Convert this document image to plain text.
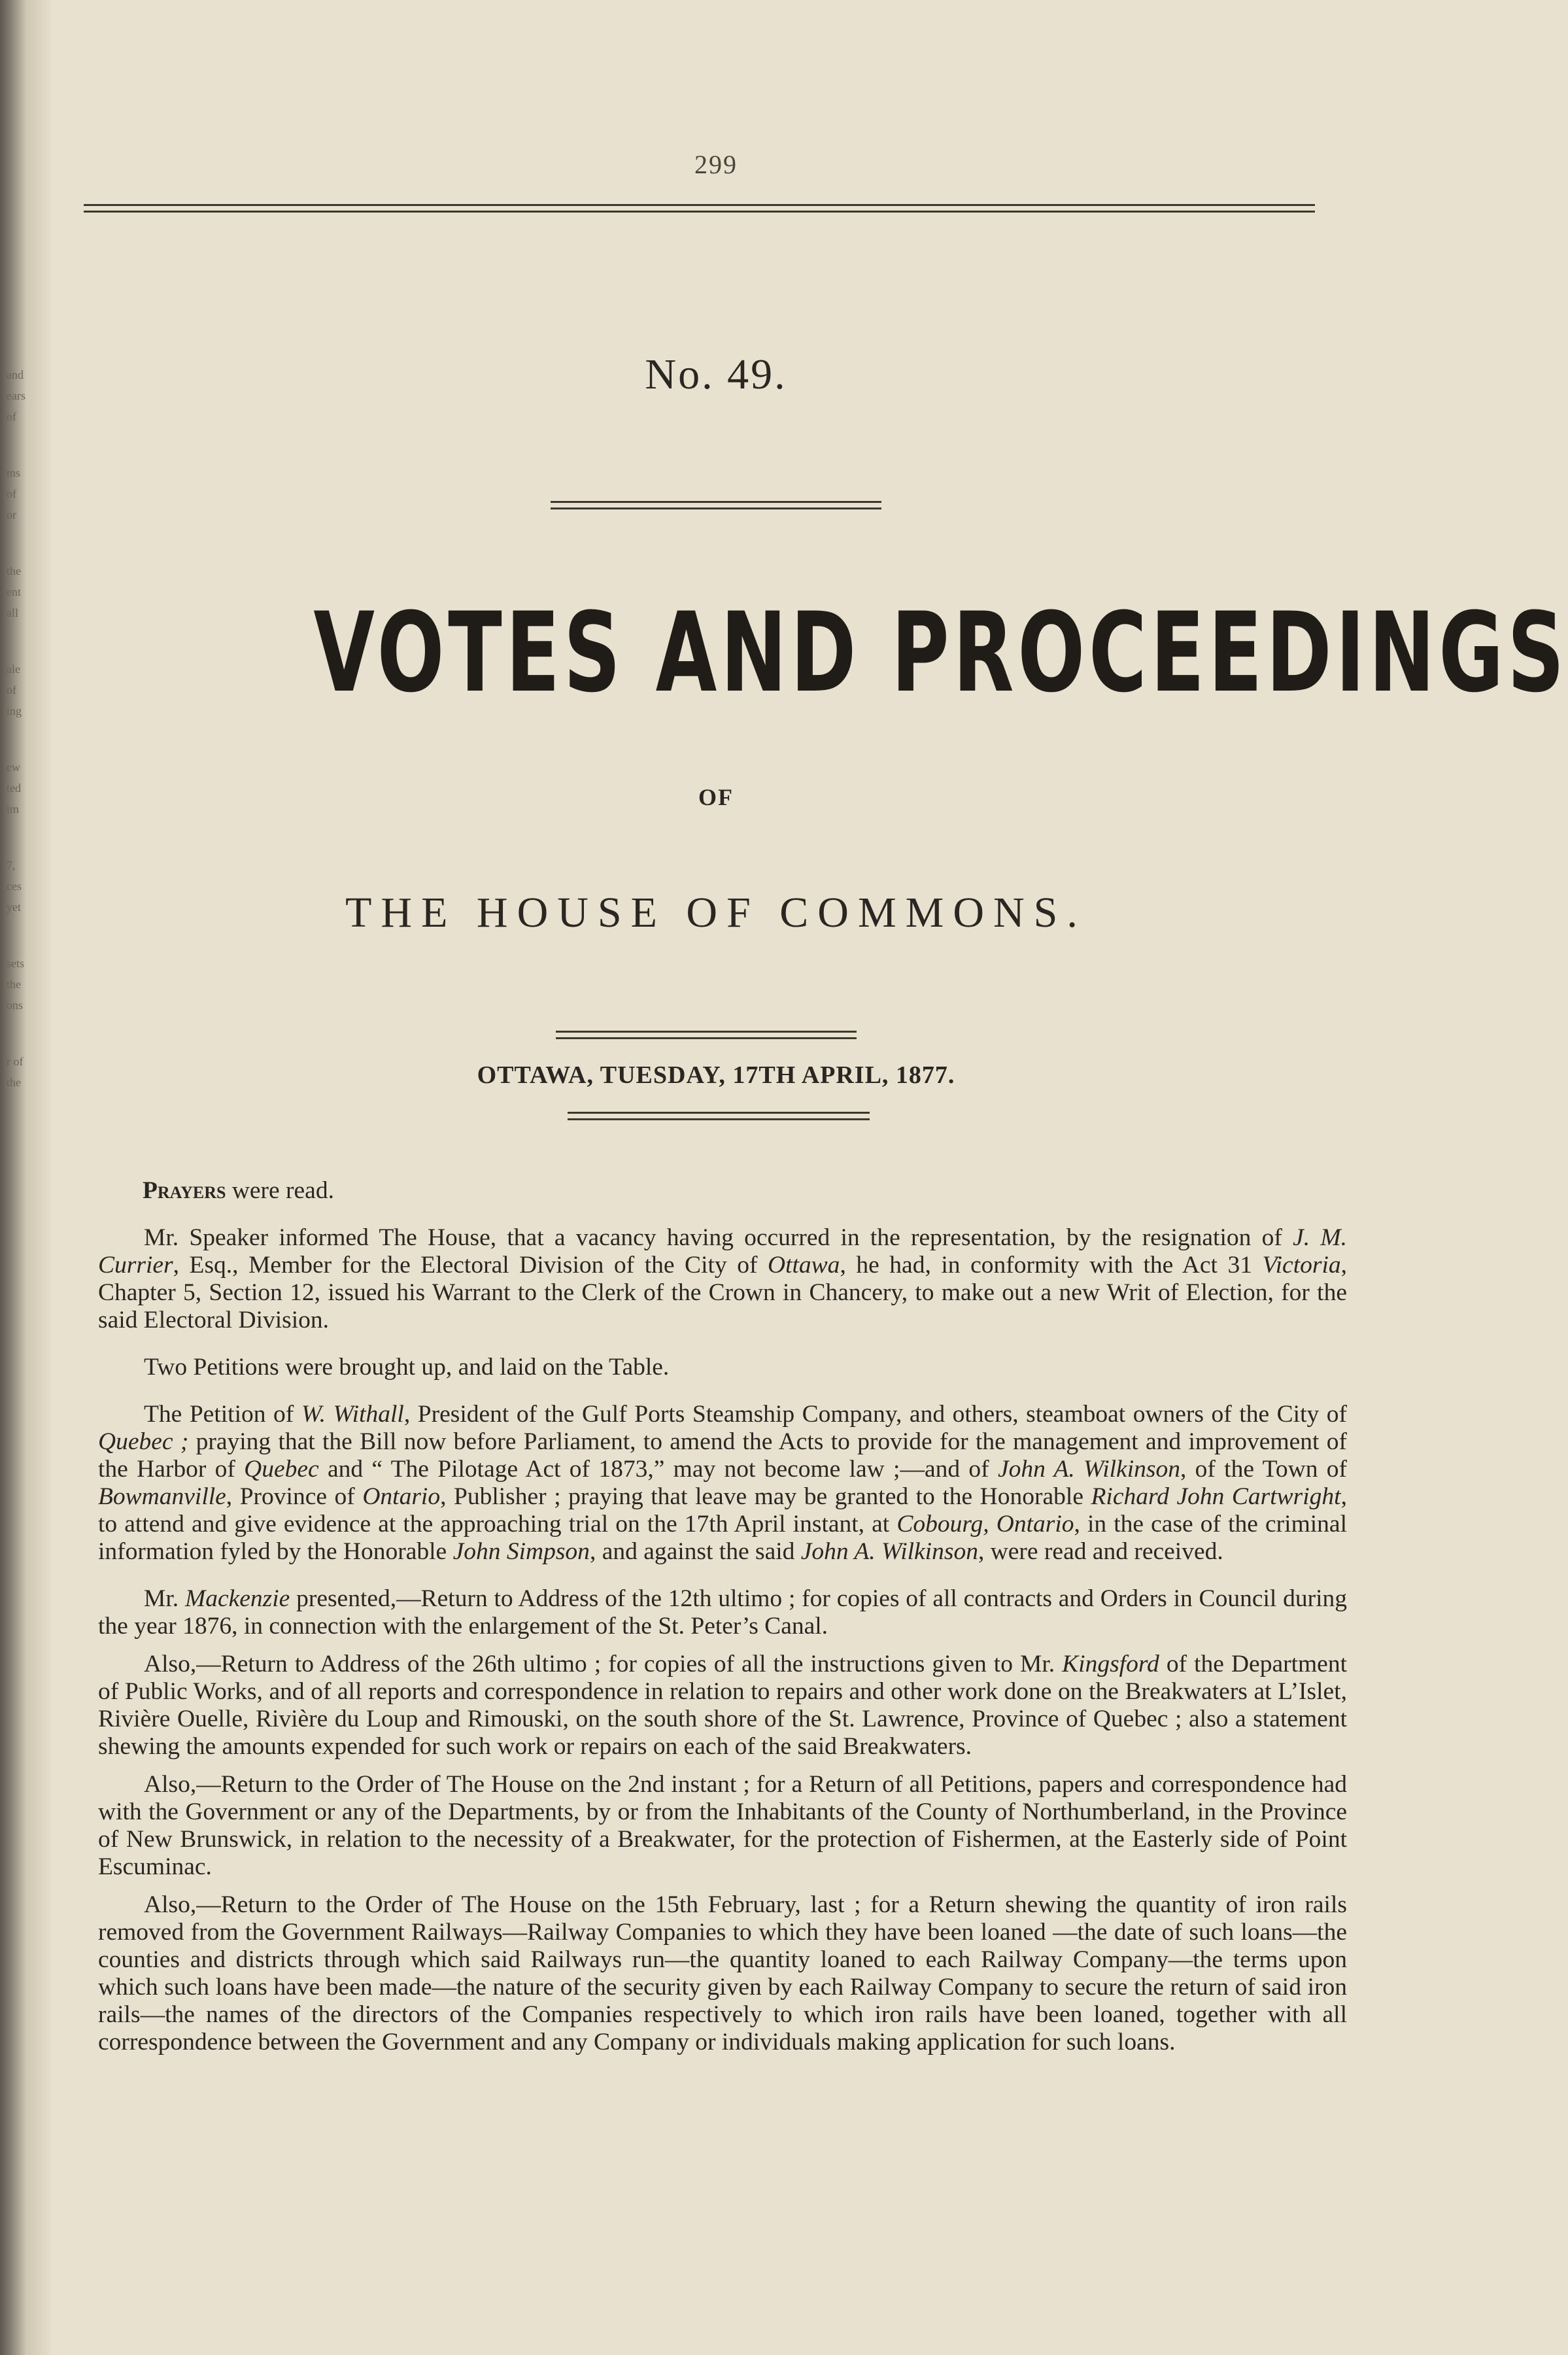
and
ears
of
ms
of
or
the
ent
all
ale
of
ing
ew
ted
im
7,
ces
yet
sets
the
ons
r of
the
299
No. 49.
VOTES AND PROCEEDINGS
OF
THE HOUSE OF COMMONS.
OTTAWA, TUESDAY, 17TH APRIL, 1877.

Prayers were read.

Mr. Speaker informed The House, that a vacancy having occurred in the representation, by the resignation of J. M. Currier, Esq., Member for the Electoral Division of the City of Ottawa, he had, in conformity with the Act 31 Victoria, Chapter 5, Section 12, issued his Warrant to the Clerk of the Crown in Chancery, to make out a new Writ of Election, for the said Electoral Division.

Two Petitions were brought up, and laid on the Table.

The Petition of W. Withall, President of the Gulf Ports Steamship Company, and others, steamboat owners of the City of Quebec ; praying that the Bill now before Parliament, to amend the Acts to provide for the management and improvement of the Harbor of Quebec and “ The Pilotage Act of 1873,” may not become law ;—and of John A. Wilkinson, of the Town of Bowmanville, Province of Ontario, Publisher ; praying that leave may be granted to the Honorable Richard John Cartwright, to attend and give evidence at the approaching trial on the 17th April instant, at Cobourg, Ontario, in the case of the criminal information fyled by the Honorable John Simpson, and against the said John A. Wilkinson, were read and received.

Mr. Mackenzie presented,—Return to Address of the 12th ultimo ; for copies of all contracts and Orders in Council during the year 1876, in connection with the enlargement of the St. Peter’s Canal.

Also,—Return to Address of the 26th ultimo ; for copies of all the instructions given to Mr. Kingsford of the Department of Public Works, and of all reports and correspondence in relation to repairs and other work done on the Breakwaters at L’Islet, Rivière Ouelle, Rivière du Loup and Rimouski, on the south shore of the St. Lawrence, Province of Quebec ; also a statement shewing the amounts expended for such work or repairs on each of the said Breakwaters.

Also,—Return to the Order of The House on the 2nd instant ; for a Return of all Petitions, papers and correspondence had with the Government or any of the Departments, by or from the Inhabitants of the County of Northumberland, in the Province of New Brunswick, in relation to the necessity of a Breakwater, for the protection of Fishermen, at the Easterly side of Point Escuminac.

Also,—Return to the Order of The House on the 15th February, last ; for a Return shewing the quantity of iron rails removed from the Government Railways—Railway Companies to which they have been loaned —the date of such loans—the counties and districts through which said Railways run—the quantity loaned to each Railway Company—the terms upon which such loans have been made—the nature of the security given by each Railway Company to secure the return of said iron rails—the names of the directors of the Companies respectively to which iron rails have been loaned, together with all correspondence between the Government and any Company or individuals making application for such loans.
